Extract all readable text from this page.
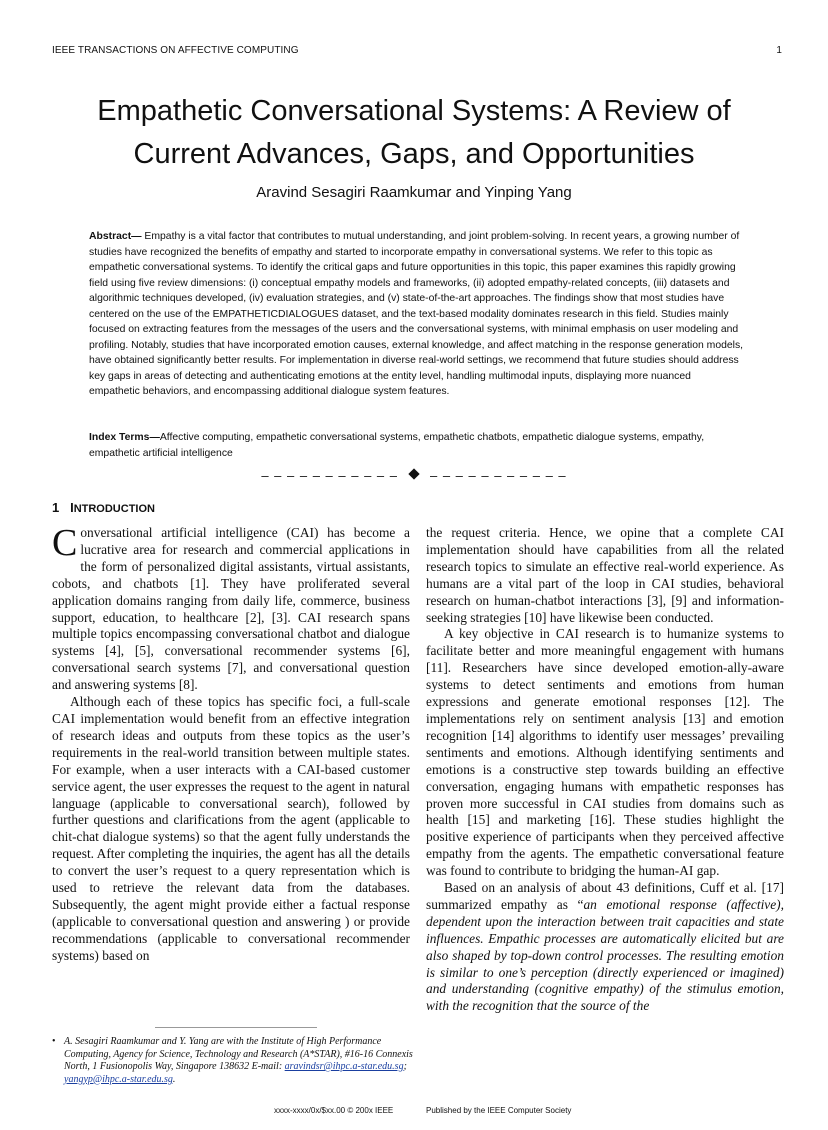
IEEE TRANSACTIONS ON AFFECTIVE COMPUTING	1
Empathetic Conversational Systems: A Review of
Current Advances, Gaps, and Opportunities
Aravind Sesagiri Raamkumar and Yinping Yang
Abstract— Empathy is a vital factor that contributes to mutual understanding, and joint problem-solving. In recent years, a growing number of studies have recognized the benefits of empathy and started to incorporate empathy in conversational systems. We refer to this topic as empathetic conversational systems. To identify the critical gaps and future opportunities in this topic, this paper examines this rapidly growing field using five review dimensions: (i) conceptual empathy models and frameworks, (ii) adopted empathy-related concepts, (iii) datasets and algorithmic techniques developed, (iv) evaluation strategies, and (v) state-of-the-art approaches. The findings show that most studies have centered on the use of the EMPATHETICDIALOGUES dataset, and the text-based modality dominates research in this field. Studies mainly focused on extracting features from the messages of the users and the conversational systems, with minimal emphasis on user modeling and profiling. Notably, studies that have incorporated emotion causes, external knowledge, and affect matching in the response generation models, have obtained significantly better results. For implementation in diverse real-world settings, we recommend that future studies should address key gaps in areas of detecting and authenticating emotions at the entity level, handling multimodal inputs, displaying more nuanced empathetic behaviors, and encompassing additional dialogue system features.
Index Terms—Affective computing, empathetic conversational systems, empathetic chatbots, empathetic dialogue systems, empathy, empathetic artificial intelligence
– – – – – – – – – – – – – – – – – – – – – –
1 INTRODUCTION

Conversational artificial intelligence (CAI) has become a lucrative area for research and commercial applications in the form of personalized digital assistants, virtual assistants, cobots, and chatbots [1]. They have proliferated several application domains ranging from daily life, commerce, business support, education, to healthcare [2], [3]. CAI research spans multiple topics encompassing conversational chatbot and dialogue systems [4], [5], conversational recommender systems [6], conversational search systems [7], and conversational question and answering systems [8].

Although each of these topics has specific foci, a full-scale CAI implementation would benefit from an effective integration of research ideas and outputs from these topics as the user’s requirements in the real-world transition between multiple states. For example, when a user interacts with a CAI-based customer service agent, the user expresses the request to the agent in natural language (applicable to conversational search), followed by further questions and clarifications from the agent (applicable to chit-chat dialogue systems) so that the agent fully understands the request. After completing the inquiries, the agent has all the details to convert the user’s request to a query representation which is used to retrieve the relevant data from the databases. Subsequently, the agent might provide either a factual response (applicable to conversational question and answering ) or provide recommendations (applicable to conversational recommender systems) based on

the request criteria. Hence, we opine that a complete CAI implementation should have capabilities from all the related research topics to simulate an effective real-world experience. As humans are a vital part of the loop in CAI studies, behavioral research on human-chatbot interactions [3], [9] and information-seeking strategies [10] have likewise been conducted.

A key objective in CAI research is to humanize systems to facilitate better and more meaningful engagement with humans [11]. Researchers have since developed emotion-ally-aware systems to detect sentiments and emotions from human expressions and generate emotional responses [12]. The implementations rely on sentiment analysis [13] and emotion recognition [14] algorithms to identify user messages’ prevailing sentiments and emotions. Although identifying sentiments and emotions is a constructive step towards building an effective conversation, engaging humans with empathetic responses has proven more successful in CAI studies from domains such as health [15] and marketing [16]. These studies highlight the positive experience of participants when they perceived affective empathy from the agents. The empathetic conversational feature was found to contribute to bridging the human-AI gap.

Based on an analysis of about 43 definitions, Cuff et al. [17] summarized empathy as “an emotional response (affective), dependent upon the interaction between trait capacities and state influences. Empathic processes are automatically elicited but are also shaped by top-down control processes. The resulting emotion is similar to one’s perception (directly experienced or imagined) and understanding (cognitive empathy) of the stimulus emotion, with the recognition that the source of the

• A. Sesagiri Raamkumar and Y. Yang are with the Institute of High Performance Computing, Agency for Science, Technology and Research (A*STAR), #16-16 Connexis North, 1 Fusionopolis Way, Singapore 138632 E-mail: aravindsr@ihpc.a-star.edu.sg; yangyp@ihpc.a-star.edu.sg.
xxxx-xxxx/0x/$xx.00 © 200x IEEE	Published by the IEEE Computer Society
